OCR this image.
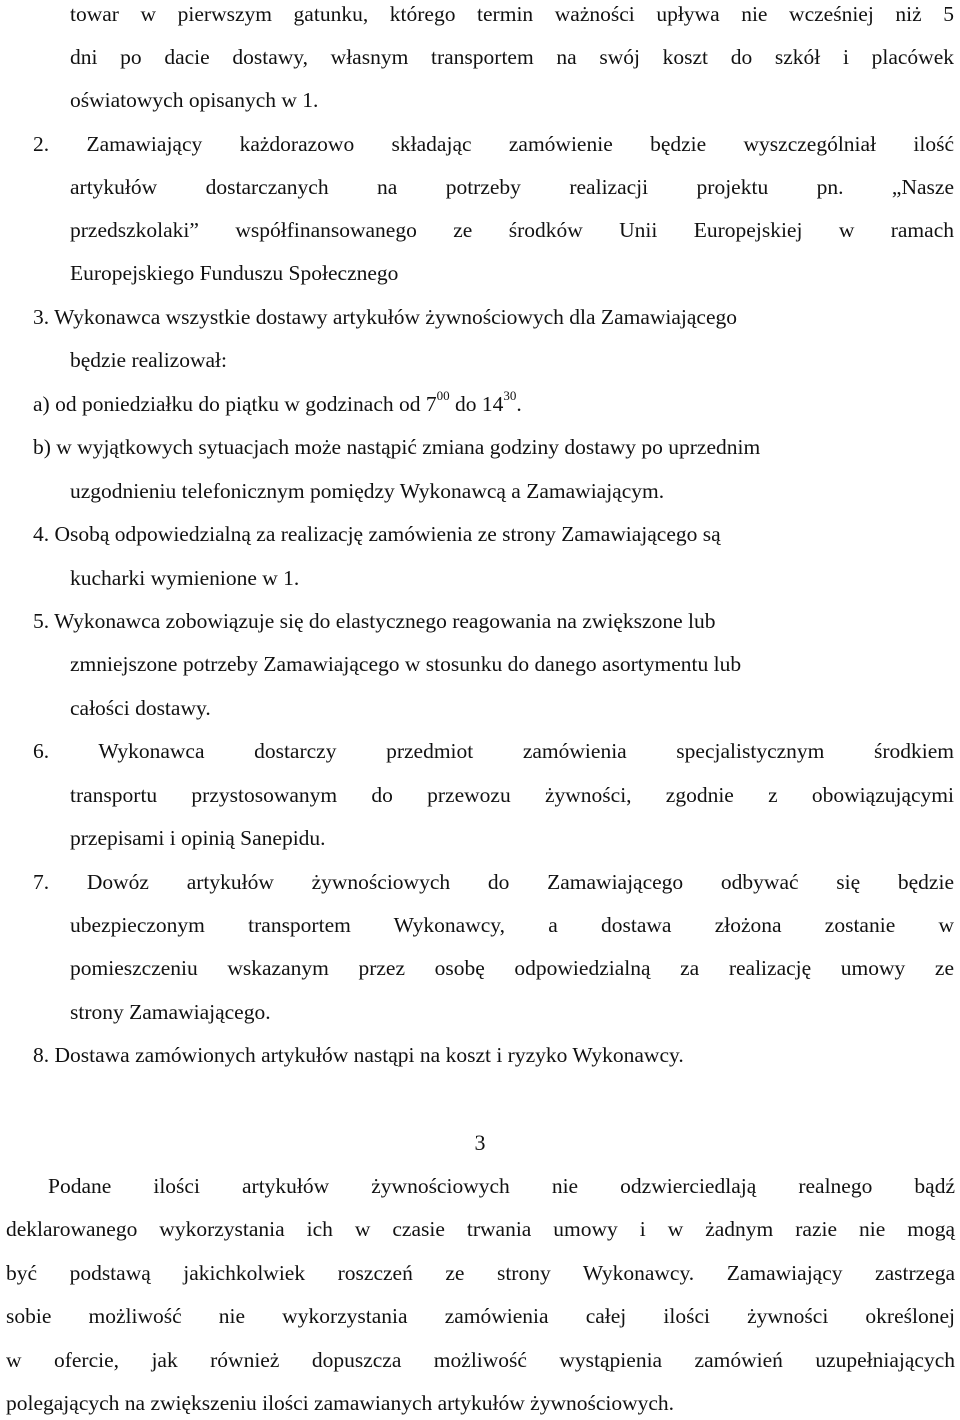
towar w pierwszym gatunku, którego termin ważności upływa nie wcześniej niż 5
dni po dacie dostawy, własnym transportem na swój koszt do szkół i placówek
oświatowych opisanych w 1.
2. Zamawiający każdorazowo składając zamówienie będzie wyszczególniał ilość
artykułów dostarczanych na potrzeby realizacji projektu pn. „Nasze
przedszkolaki” współfinansowanego ze środków Unii Europejskiej w ramach
Europejskiego Funduszu Społecznego
3. Wykonawca wszystkie dostawy artykułów żywnościowych dla Zamawiającego
będzie realizował:
a) od poniedziałku do piątku w godzinach od $7^{00}$ do $14^{30}$.
b) w wyjątkowych sytuacjach może nastąpić zmiana godziny dostawy po uprzednim
uzgodnieniu telefonicznym pomiędzy Wykonawcą a Zamawiającym.
4. Osobą odpowiedzialną za realizację zamówienia ze strony Zamawiającego są
kucharki wymienione w 1.
5. Wykonawca zobowiązuje się do elastycznego reagowania na zwiększone lub
zmniejszone potrzeby Zamawiającego w stosunku do danego asortymentu lub
całości dostawy.
6. Wykonawca dostarczy przedmiot zamówienia specjalistycznym środkiem
transportu przystosowanym do przewozu żywności, zgodnie z obowiązującymi
przepisami i opinią Sanepidu.
7. Dowóz artykułów żywnościowych do Zamawiającego odbywać się będzie
ubezpieczonym transportem Wykonawcy, a dostawa złożona zostanie w
pomieszczeniu wskazanym przez osobę odpowiedzialną za realizację umowy ze
strony Zamawiającego.
8. Dostawa zamówionych artykułów nastąpi na koszt i ryzyko Wykonawcy.
3
Podane ilości artykułów żywnościowych nie odzwierciedlają realnego bądź
deklarowanego wykorzystania ich w czasie trwania umowy i w żadnym razie nie mogą
być podstawą jakichkolwiek roszczeń ze strony Wykonawcy. Zamawiający zastrzega
sobie możliwość nie wykorzystania zamówienia całej ilości żywności określonej
w ofercie, jak również dopuszcza możliwość wystąpienia zamówień uzupełniających
polegających na zwiększeniu ilości zamawianych artykułów żywnościowych.
